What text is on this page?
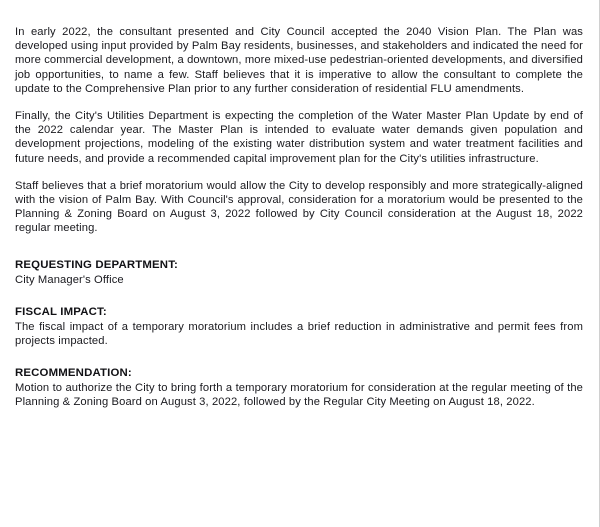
In early 2022, the consultant presented and City Council accepted the 2040 Vision Plan. The Plan was developed using input provided by Palm Bay residents, businesses, and stakeholders and indicated the need for more commercial development, a downtown, more mixed-use pedestrian-oriented developments, and diversified job opportunities, to name a few. Staff believes that it is imperative to allow the consultant to complete the update to the Comprehensive Plan prior to any further consideration of residential FLU amendments.

Finally, the City's Utilities Department is expecting the completion of the Water Master Plan Update by end of the 2022 calendar year. The Master Plan is intended to evaluate water demands given population and development projections, modeling of the existing water distribution system and water treatment facilities and future needs, and provide a recommended capital improvement plan for the City's utilities infrastructure.

Staff believes that a brief moratorium would allow the City to develop responsibly and more strategically-aligned with the vision of Palm Bay. With Council's approval, consideration for a moratorium would be presented to the Planning & Zoning Board on August 3, 2022 followed by City Council consideration at the August 18, 2022 regular meeting.

REQUESTING DEPARTMENT:

City Manager's Office

FISCAL IMPACT:

The fiscal impact of a temporary moratorium includes a brief reduction in administrative and permit fees from projects impacted.

RECOMMENDATION:

Motion to authorize the City to bring forth a temporary moratorium for consideration at the regular meeting of the Planning & Zoning Board on August 3, 2022, followed by the Regular City Meeting on August 18, 2022.
